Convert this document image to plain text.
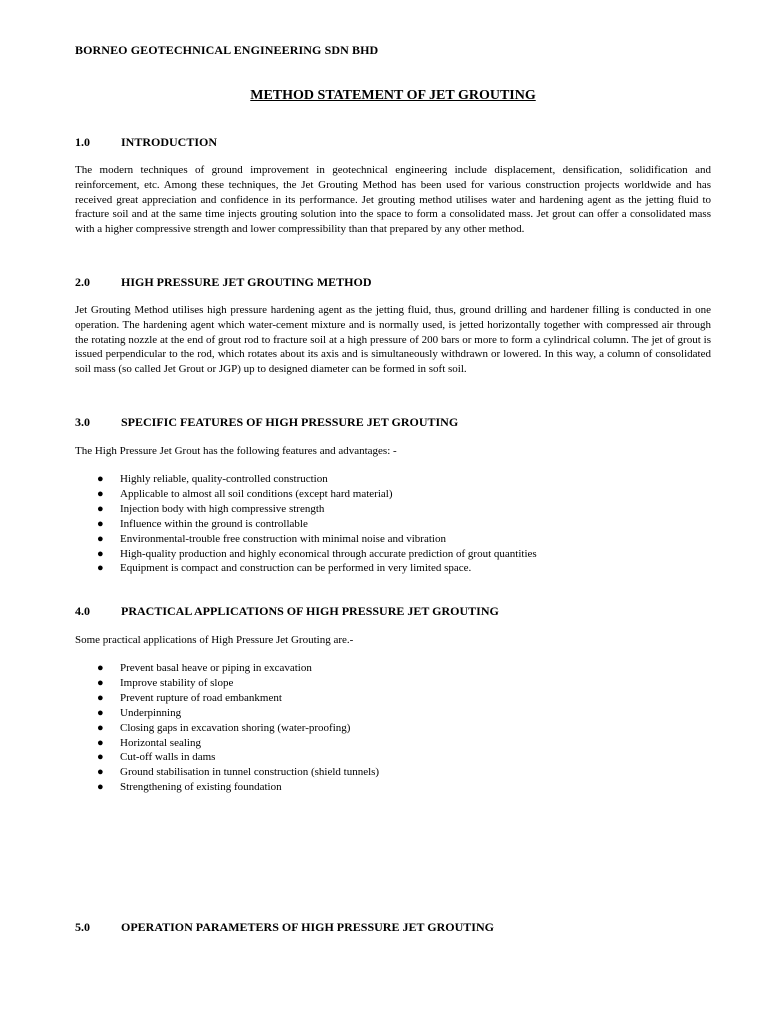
BORNEO GEOTECHNICAL ENGINEERING SDN BHD
METHOD STATEMENT OF JET GROUTING
1.0	INTRODUCTION
The modern techniques of ground improvement in geotechnical engineering include displacement, densification, solidification and reinforcement, etc. Among these techniques, the Jet Grouting Method has been used for various construction projects worldwide and has received great appreciation and confidence in its performance. Jet grouting method utilises water and hardening agent as the jetting fluid to fracture soil and at the same time injects grouting solution into the space to form a consolidated mass. Jet grout can offer a consolidated mass with a higher compressive strength and lower compressibility than that prepared by any other method.
2.0	HIGH PRESSURE JET GROUTING METHOD
Jet Grouting Method utilises high pressure hardening agent as the jetting fluid, thus, ground drilling and hardener filling is conducted in one operation. The hardening agent which water-cement mixture and is normally used, is jetted horizontally together with compressed air through the rotating nozzle at the end of grout rod to fracture soil at a high pressure of 200 bars or more to form a cylindrical column. The jet of grout is issued perpendicular to the rod, which rotates about its axis and is simultaneously withdrawn or lowered. In this way, a column of consolidated soil mass (so called Jet Grout or JGP) up to designed diameter can be formed in soft soil.
3.0	SPECIFIC FEATURES OF HIGH PRESSURE JET GROUTING
The High Pressure Jet Grout has the following features and advantages: -
● Highly reliable, quality-controlled construction
● Applicable to almost all soil conditions (except hard material)
● Injection body with high compressive strength
● Influence within the ground is controllable
● Environmental-trouble free construction with minimal noise and vibration
● High-quality production and highly economical through accurate prediction of grout quantities
● Equipment is compact and construction can be performed in very limited space.
4.0	PRACTICAL APPLICATIONS OF HIGH PRESSURE JET GROUTING
Some practical applications of High Pressure Jet Grouting are.-
● Prevent basal heave or piping in excavation
● Improve stability of slope
● Prevent rupture of road embankment
● Underpinning
● Closing gaps in excavation shoring (water-proofing)
● Horizontal sealing
● Cut-off walls in dams
● Ground stabilisation in tunnel construction (shield tunnels)
● Strengthening of existing foundation
5.0	OPERATION PARAMETERS OF HIGH PRESSURE JET GROUTING
